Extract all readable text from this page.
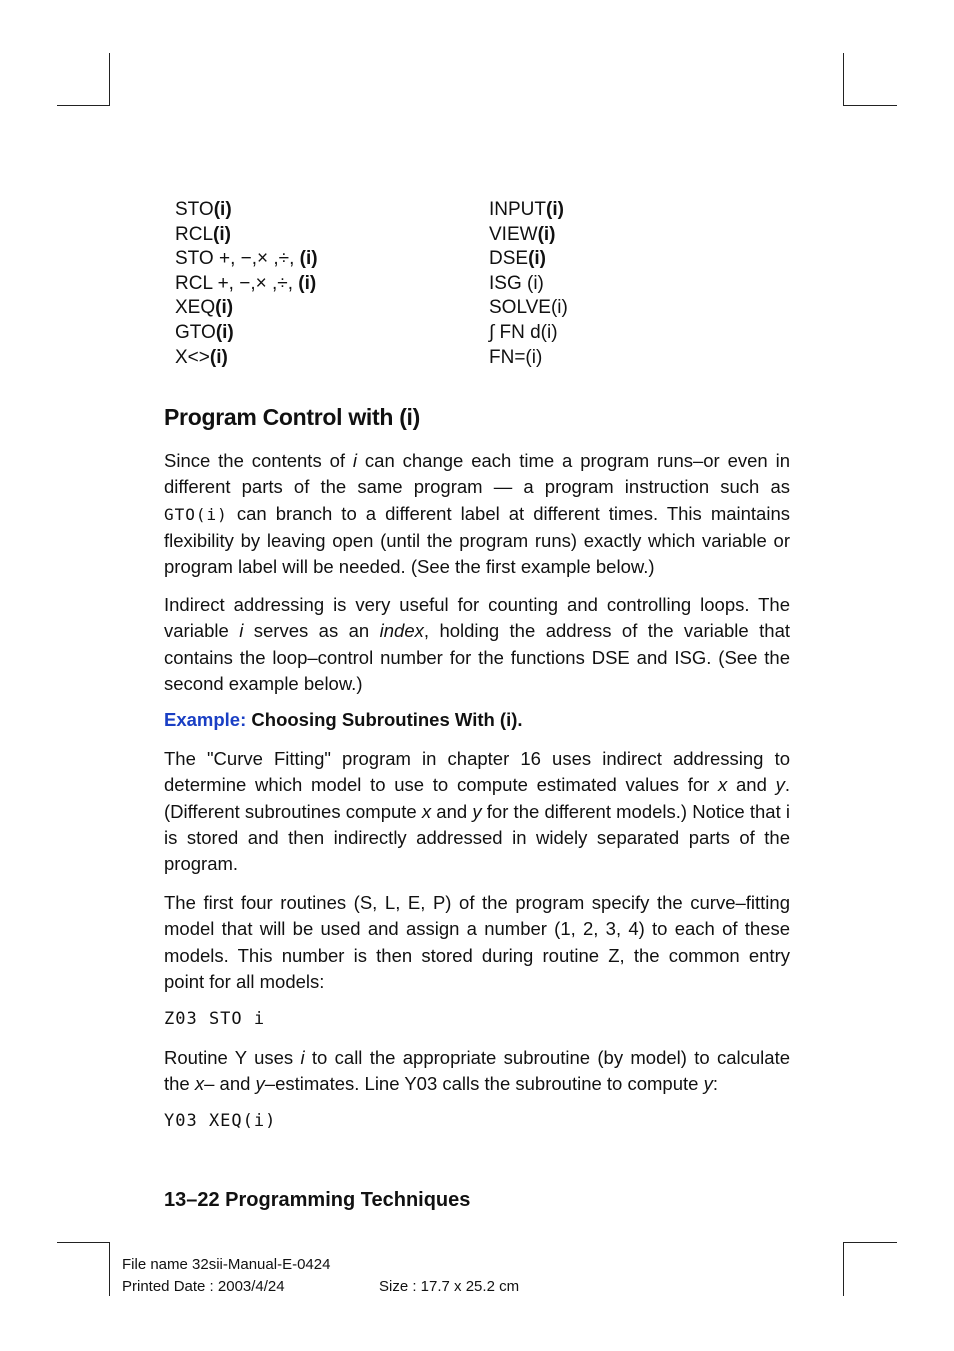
STO(i)
RCL(i)
STO +, −,× ,÷, (i)
RCL +, −,× ,÷, (i)
XEQ(i)
GTO(i)
X<>(i)
INPUT(i)
VIEW(i)
DSE(i)
ISG (i)
SOLVE(i)
∫ FN d(i)
FN=(i)
Program Control with (i)
Since the contents of i can change each time a program runs–or even in different parts of the same program — a program instruction such as GTO(i) can branch to a different label at different times. This maintains flexibility by leaving open (until the program runs) exactly which variable or program label will be needed. (See the first example below.)
Indirect addressing is very useful for counting and controlling loops. The variable i serves as an index, holding the address of the variable that contains the loop–control number for the functions DSE and ISG. (See the second example below.)
Example: Choosing Subroutines With (i).
The "Curve Fitting" program in chapter 16 uses indirect addressing to determine which model to use to compute estimated values for x and y. (Different subroutines compute x and y for the different models.) Notice that i is stored and then indirectly addressed in widely separated parts of the program.
The first four routines (S, L, E, P) of the program specify the curve–fitting model that will be used and assign a number (1, 2, 3, 4) to each of these models. This number is then stored during routine Z, the common entry point for all models:
Z03 STO i
Routine Y uses i to call the appropriate subroutine (by model) to calculate the x– and y–estimates. Line Y03 calls the subroutine to compute y:
Y03 XEQ(i)
13–22 Programming Techniques
File name 32sii-Manual-E-0424
Printed Date : 2003/4/24	Size : 17.7 x 25.2 cm
